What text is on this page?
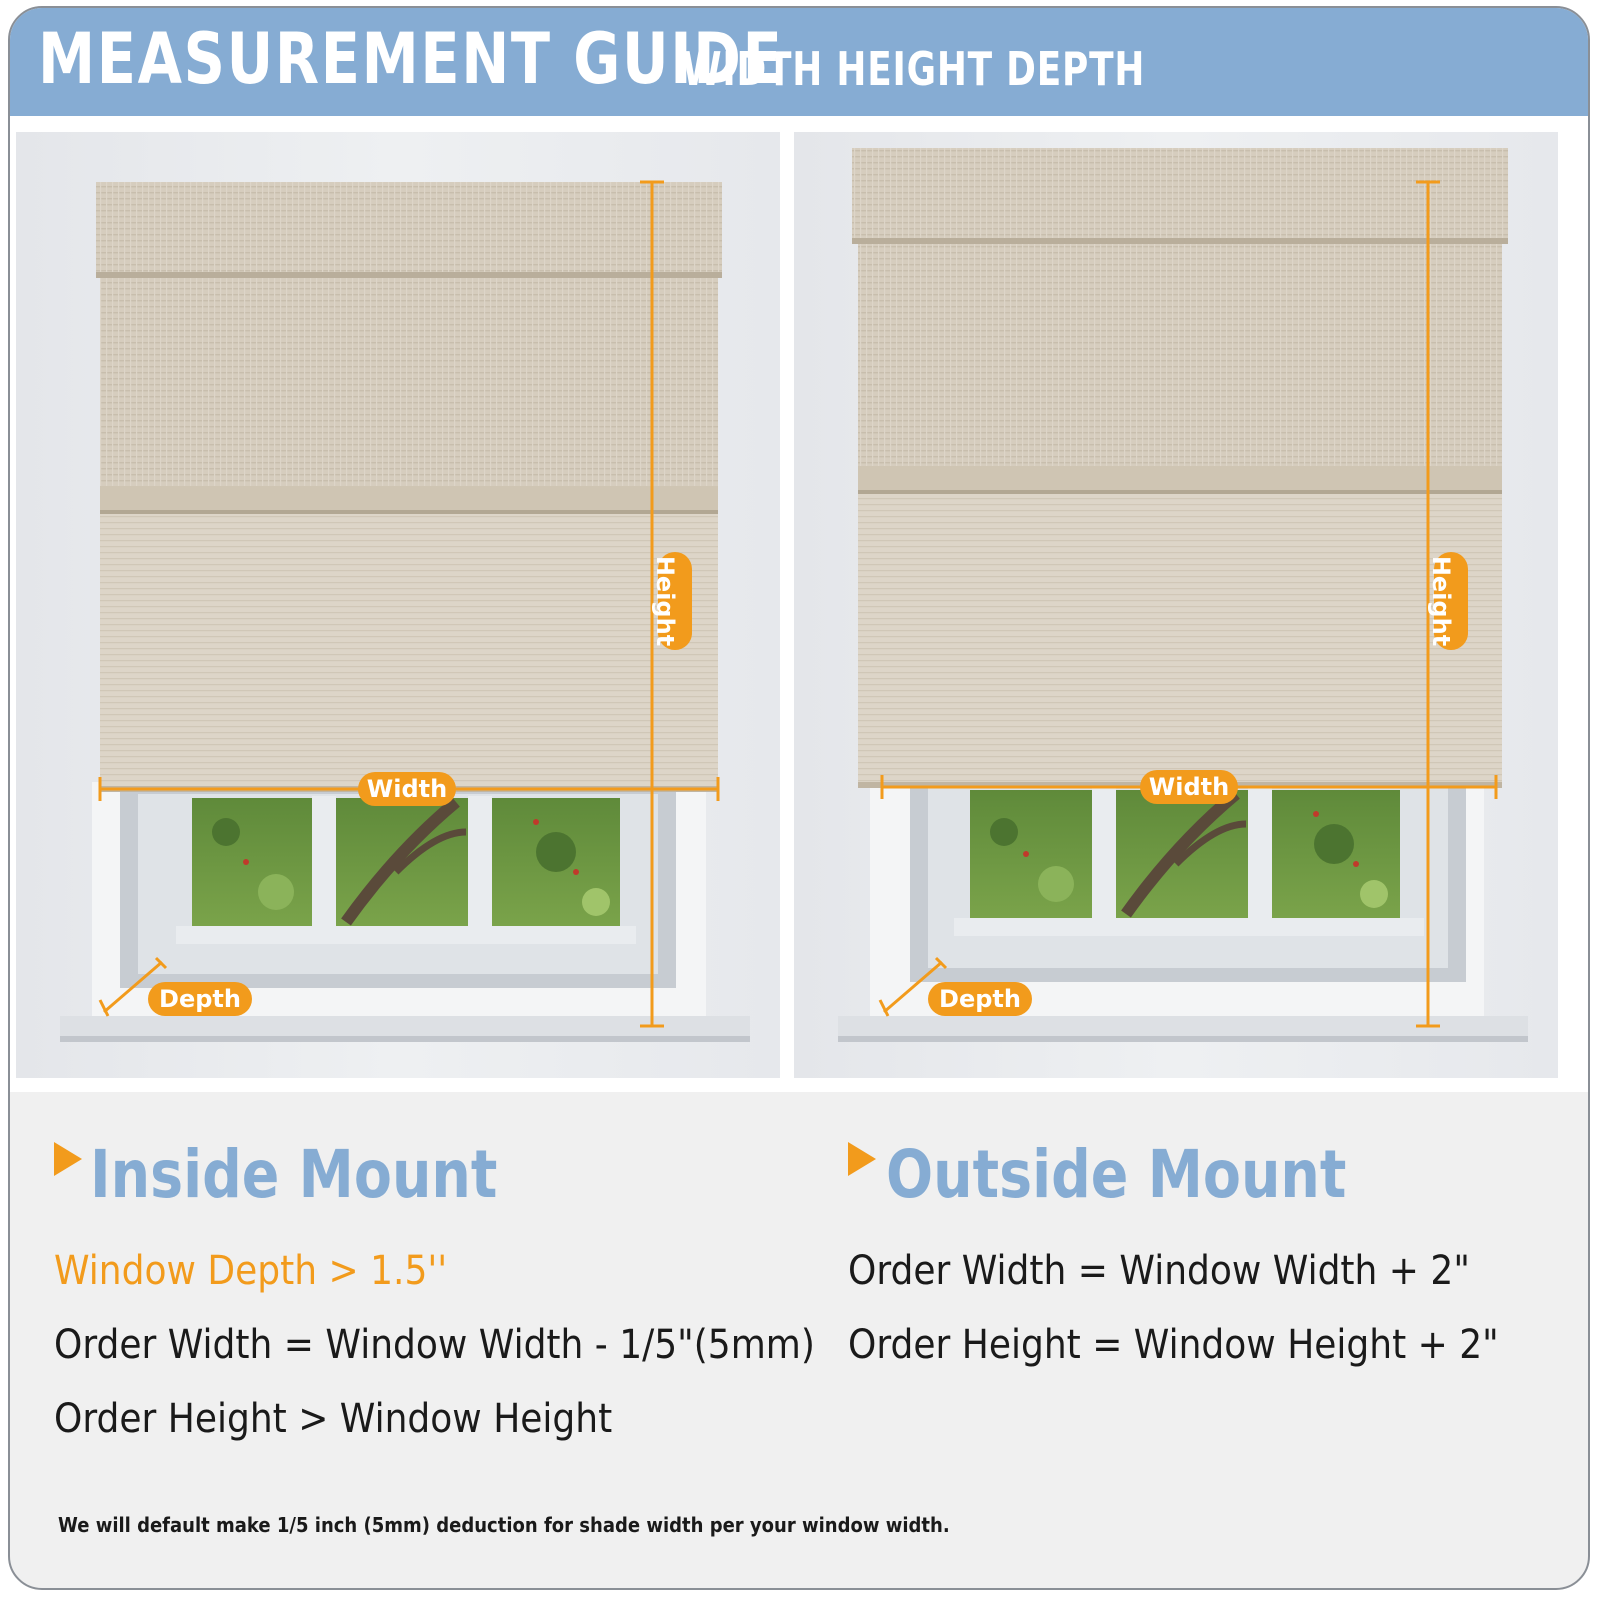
MEASUREMENT GUIDE
WIDTH HEIGHT DEPTH
Height
Width
Depth
Height
Width
Depth
Inside Mount
Window Depth > 1.5''
Order Width = Window Width - 1/5"(5mm)
Order Height > Window Height
Outside Mount
Order Width = Window Width + 2"
Order Height = Window Height + 2"
We will default make 1/5 inch (5mm) deduction for shade width per your window width.
